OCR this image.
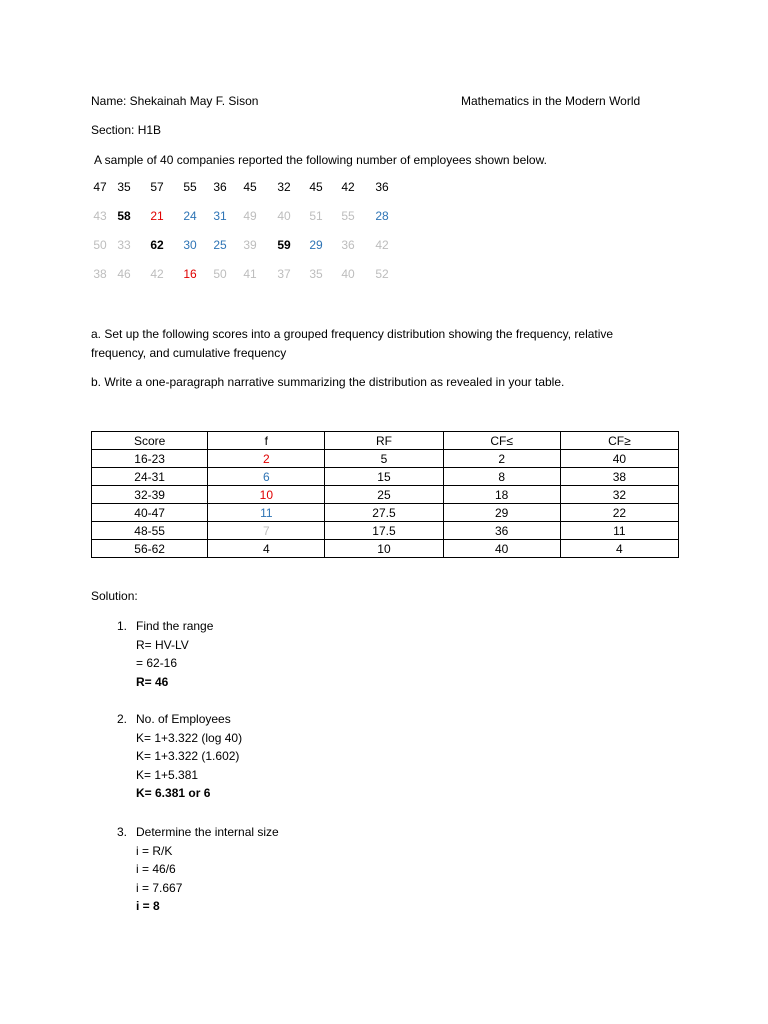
Name: Shekainah May F. Sison	Mathematics in the Modern World
Section: H1B
A sample of 40 companies reported the following number of employees shown below.
47 35	57	55	36	45	32	45	42	36
43 58	21	24	31	49	40	51	55	28
50 33	62	30	25	39	59	29	36	42
38 46	42	16	50	41	37	35	40	52
a. Set up the following scores into a grouped frequency distribution showing the frequency, relative
frequency, and cumulative frequency
b. Write a one-paragraph narrative summarizing the distribution as revealed in your table.
Score	f	RF	CF≤	CF≥
16-23	2	5	2	40
24-31	6	15	8	38
32-39	10	25	18	32
40-47	11	27.5	29	22
48-55	7	17.5	36	11
56-62	4	10	40	4
Solution:
1. Find the range
R= HV-LV
= 62-16
R= 46
2. No. of Employees
K= 1+3.322 (log 40)
K= 1+3.322 (1.602)
K= 1+5.381
K= 6.381 or 6
3. Determine the internal size
i = R/K
i = 46/6
i = 7.667
i = 8
